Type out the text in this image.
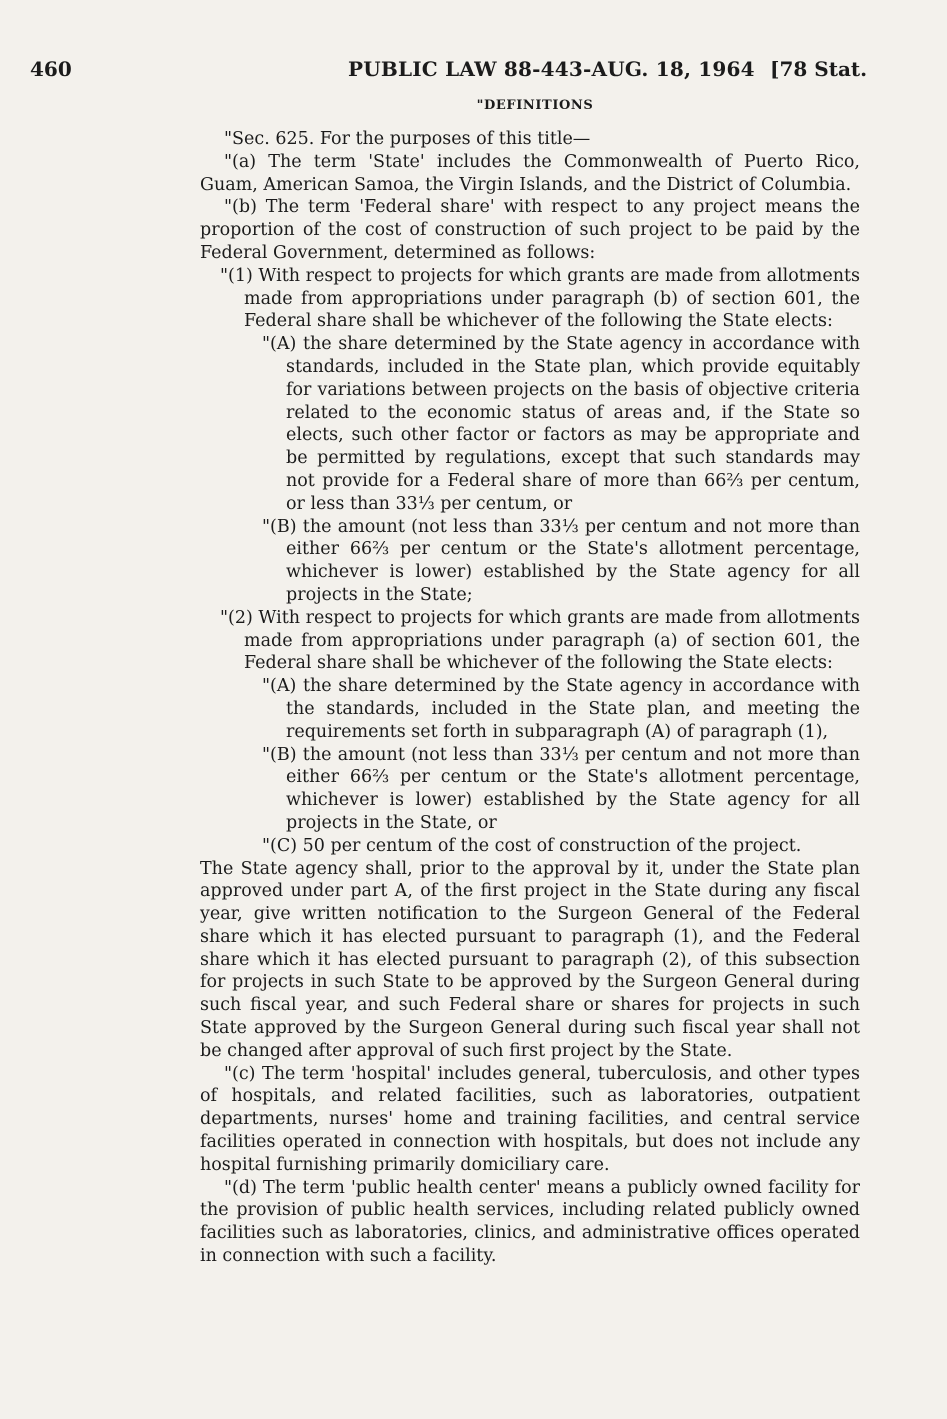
460	PUBLIC LAW 88-443-AUG. 18, 1964 [78 Stat.
"DEFINITIONS

"Sec. 625. For the purposes of this title—

"(a) The term 'State' includes the Commonwealth of Puerto Rico, Guam, American Samoa, the Virgin Islands, and the District of Columbia.

"(b) The term 'Federal share' with respect to any project means the proportion of the cost of construction of such project to be paid by the Federal Government, determined as follows:

"(1) With respect to projects for which grants are made from allotments made from appropriations under paragraph (b) of section 601, the Federal share shall be whichever of the following the State elects:

"(A) the share determined by the State agency in accordance with standards, included in the State plan, which provide equitably for variations between projects on the basis of objective criteria related to the economic status of areas and, if the State so elects, such other factor or factors as may be appropriate and be permitted by regulations, except that such standards may not provide for a Federal share of more than 66⅔ per centum, or less than 33⅓ per centum, or

"(B) the amount (not less than 33⅓ per centum and not more than either 66⅔ per centum or the State's allotment percentage, whichever is lower) established by the State agency for all projects in the State;

"(2) With respect to projects for which grants are made from allotments made from appropriations under paragraph (a) of section 601, the Federal share shall be whichever of the following the State elects:

"(A) the share determined by the State agency in accordance with the standards, included in the State plan, and meeting the requirements set forth in subparagraph (A) of paragraph (1),

"(B) the amount (not less than 33⅓ per centum and not more than either 66⅔ per centum or the State's allotment percentage, whichever is lower) established by the State agency for all projects in the State, or

"(C) 50 per centum of the cost of construction of the project.

The State agency shall, prior to the approval by it, under the State plan approved under part A, of the first project in the State during any fiscal year, give written notification to the Surgeon General of the Federal share which it has elected pursuant to paragraph (1), and the Federal share which it has elected pursuant to paragraph (2), of this subsection for projects in such State to be approved by the Surgeon General during such fiscal year, and such Federal share or shares for projects in such State approved by the Surgeon General during such fiscal year shall not be changed after approval of such first project by the State.

"(c) The term 'hospital' includes general, tuberculosis, and other types of hospitals, and related facilities, such as laboratories, outpatient departments, nurses' home and training facilities, and central service facilities operated in connection with hospitals, but does not include any hospital furnishing primarily domiciliary care.

"(d) The term 'public health center' means a publicly owned facility for the provision of public health services, including related publicly owned facilities such as laboratories, clinics, and administrative offices operated in connection with such a facility.
